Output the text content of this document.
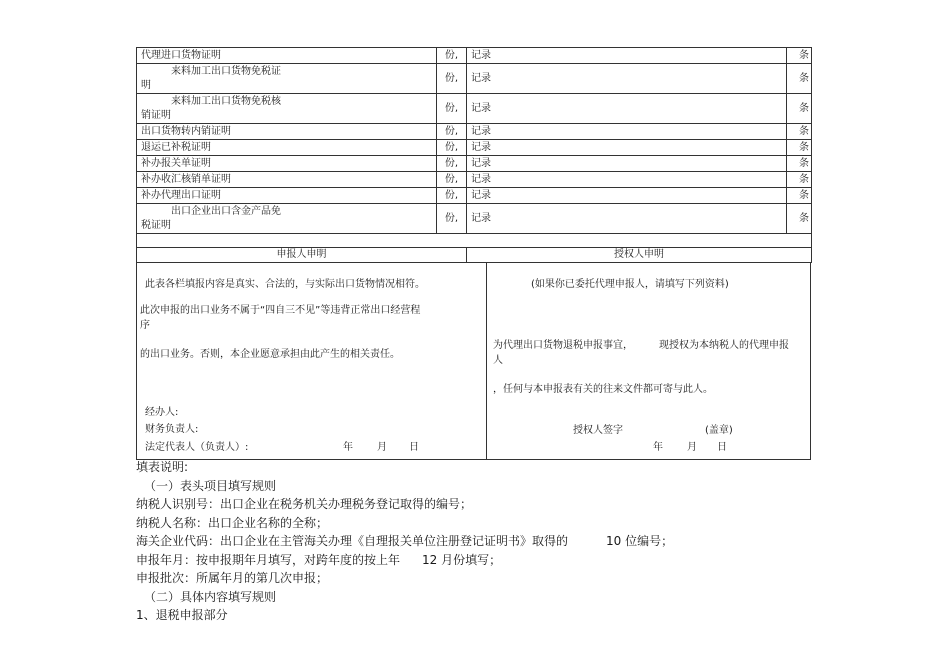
代理进口货物证明	份,	记录	条

来料加工出口货物免税证
明	份,	记录	条

来料加工出口货物免税核
销证明	份,	记录	条
出口货物转内销证明	份,	记录	条
退运已补税证明	份,	记录	条
补办报关单证明	份,	记录	条
补办收汇核销单证明	份,	记录	条
补办代理出口证明	份,	记录	条

出口企业出口含金产品免
税证明	份,	记录	条

申报人申明		授权人申明	
此表各栏填报内容是真实、合法的，与实际出口货物情况相符。
此次申报的出口业务不属于“四自三不见”等违背正常出口经营程
序
的出口业务。否则，本企业愿意承担由此产生的相关责任。
经办人:
财务负责人:
法定代表人（负责人）:	年 月 日
(如果你已委托代理申报人，请填写下列资料)
为代理出口货物退税申报事宜，	现授权为本纳税人的代理申报
人
，任何与本申报表有关的往来文件都可寄与此人。
授权人签字	(盖章)
年 月 日
填表说明:
（一）表头项目填写规则
纳税人识别号：出口企业在税务机关办理税务登记取得的编号；
纳税人名称：出口企业名称的全称；
海关企业代码：出口企业在主管海关办理《自理报关单位注册登记证明书》取得的	10 位编号；
申报年月：按申报期年月填写，对跨年度的按上年 12 月份填写；
申报批次：所属年月的第几次申报；
（二）具体内容填写规则
1、退税申报部分
